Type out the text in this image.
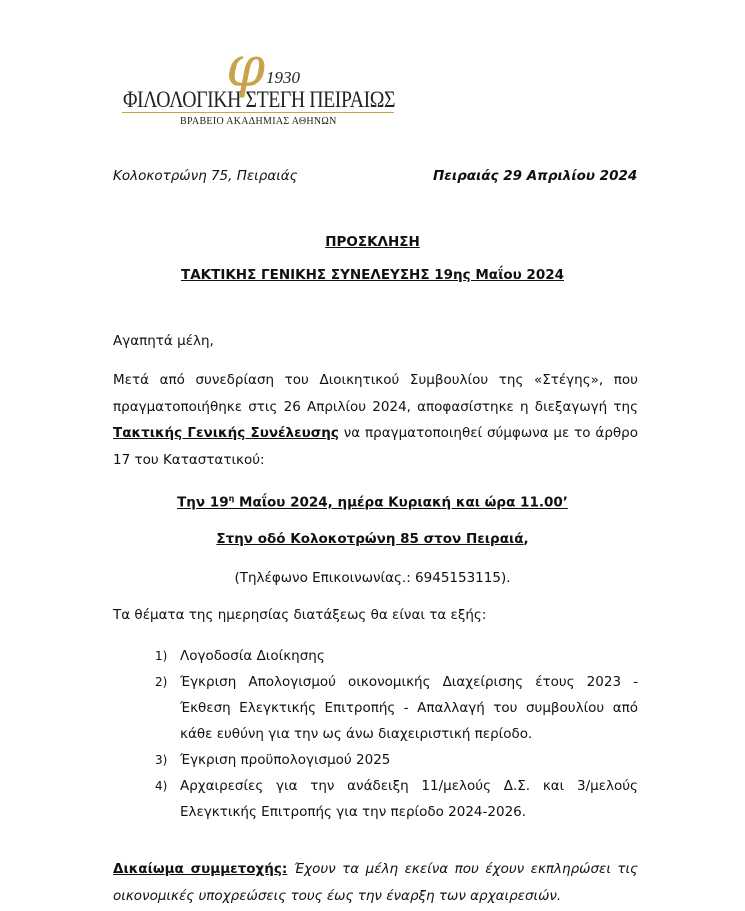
φ 1930
ΦΙΛΟΛΟΓΙΚΗ ΣΤΕΓΗ ΠΕΙΡΑΙΩΣ
ΒΡΑΒΕΙΟ ΑΚΑΔΗΜΙΑΣ ΑΘΗΝΩΝ
Κολοκοτρώνη 75, Πειραιάς	Πειραιάς 29 Απριλίου 2024
ΠΡΟΣΚΛΗΣΗ
ΤΑΚΤΙΚΗΣ ΓΕΝΙΚΗΣ ΣΥΝΕΛΕΥΣΗΣ 19ης Μαΐου 2024
Αγαπητά μέλη,
Μετά από συνεδρίαση του Διοικητικού Συμβουλίου της «Στέγης», που
πραγματοποιήθηκε στις 26 Απριλίου 2024, αποφασίστηκε η διεξαγωγή της
Τακτικής Γενικής Συνέλευσης να πραγματοποιηθεί σύμφωνα με το άρθρο
17 του Καταστατικού:
Την $19^\eta$ Μαΐου 2024, ημέρα Κυριακή και ώρα 11.00’
Στην οδό Κολοκοτρώνη 85 στον Πειραιά,
(Τηλέφωνο Επικοινωνίας.: 6945153115).
Τα θέματα της ημερησίας διατάξεως θα είναι τα εξής:
1) Λογοδοσία Διοίκησης
2) Έγκριση Απολογισμού οικονομικής Διαχείρισης έτους 2023 -
Έκθεση Ελεγκτικής Επιτροπής - Απαλλαγή του συμβουλίου από
κάθε ευθύνη για την ως άνω διαχειριστική περίοδο.
3) Έγκριση προϋπολογισμού 2025
4) Αρχαιρεσίες για την ανάδειξη 11/μελούς Δ.Σ. και 3/μελούς
Ελεγκτικής Επιτροπής για την περίοδο 2024-2026.
Δικαίωμα συμμετοχής: Έχουν τα μέλη εκείνα που έχουν εκπληρώσει τις
οικονομικές υποχρεώσεις τους έως την έναρξη των αρχαιρεσιών.
